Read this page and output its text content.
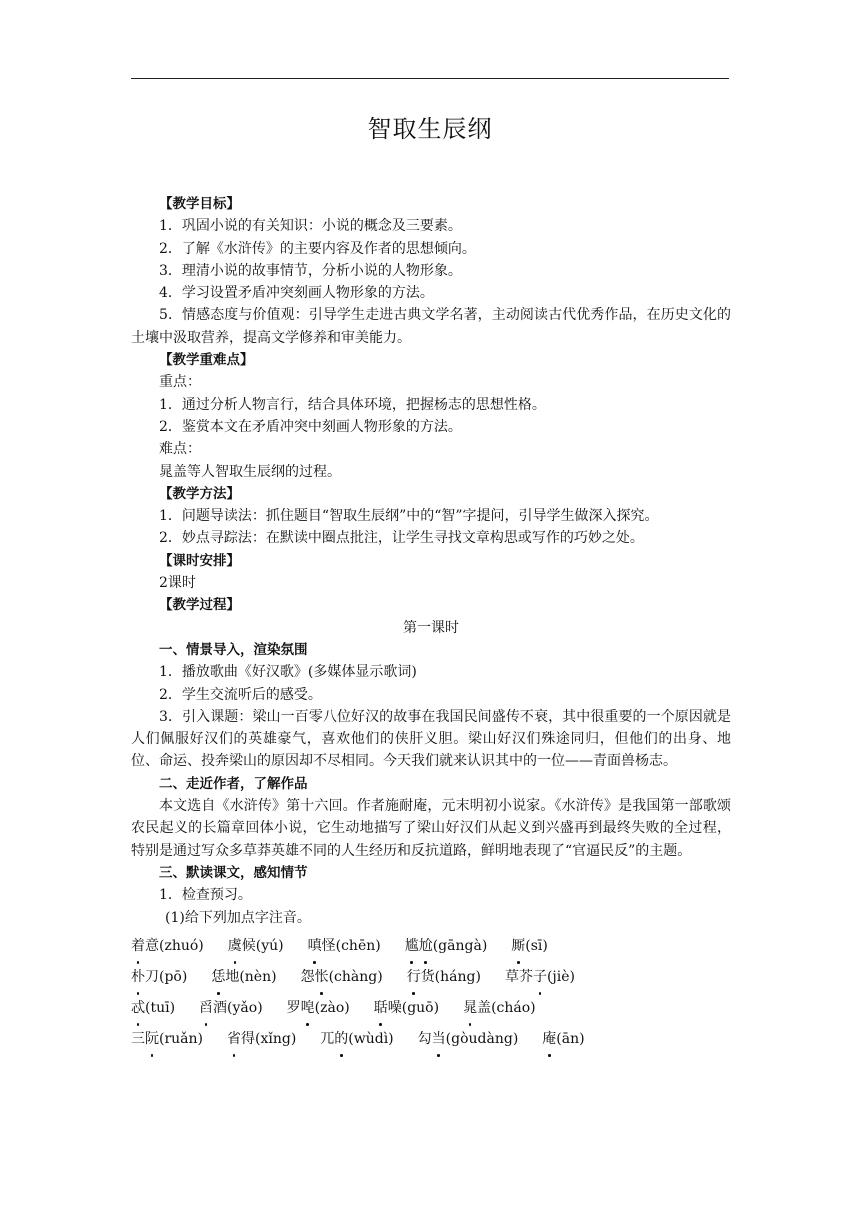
智取生辰纲
【教学目标】
1．巩固小说的有关知识：小说的概念及三要素。
2．了解《水浒传》的主要内容及作者的思想倾向。
3．理清小说的故事情节，分析小说的人物形象。
4．学习设置矛盾冲突刻画人物形象的方法。
5．情感态度与价值观：引导学生走进古典文学名著，主动阅读古代优秀作品，在历史文化的土壤中汲取营养，提高文学修养和审美能力。
【教学重难点】
重点：
1．通过分析人物言行，结合具体环境，把握杨志的思想性格。
2．鉴赏本文在矛盾冲突中刻画人物形象的方法。
难点：
晁盖等人智取生辰纲的过程。
【教学方法】
1．问题导读法：抓住题目“智取生辰纲”中的“智”字提问，引导学生做深入探究。
2．妙点寻踪法：在默读中圈点批注，让学生寻找文章构思或写作的巧妙之处。
【课时安排】
2课时
【教学过程】
第一课时
一、情景导入，渲染氛围
1．播放歌曲《好汉歌》(多媒体显示歌词)
2．学生交流听后的感受。
3．引入课题：梁山一百零八位好汉的故事在我国民间盛传不衰，其中很重要的一个原因就是人们佩服好汉们的英雄豪气，喜欢他们的侠肝义胆。梁山好汉们殊途同归，但他们的出身、地位、命运、投奔梁山的原因却不尽相同。今天我们就来认识其中的一位——青面兽杨志。
二、走近作者，了解作品
本文选自《水浒传》第十六回。作者施耐庵，元末明初小说家。《水浒传》是我国第一部歌颂农民起义的长篇章回体小说，它生动地描写了梁山好汉们从起义到兴盛再到最终失败的全过程，特别是通过写众多草莽英雄不同的人生经历和反抗道路，鲜明地表现了“官逼民反”的主题。
三、默读课文，感知情节
1．检查预习。
(1)给下列加点字注音。
着意(zhuó) 虞候(yú) 嗔怪(chēn) 尴尬(gāngà) 厮(sī)
朴刀(pō) 恁地(nèn) 怨怅(chàng) 行货(háng) 草芥子(jiè)
忒(tuī) 舀酒(yǎo) 罗唣(zào) 聒噪(guō) 晁盖(cháo)
三阮(ruǎn) 省得(xǐng) 兀的(wùdì) 勾当(gòudàng) 庵(ān)
